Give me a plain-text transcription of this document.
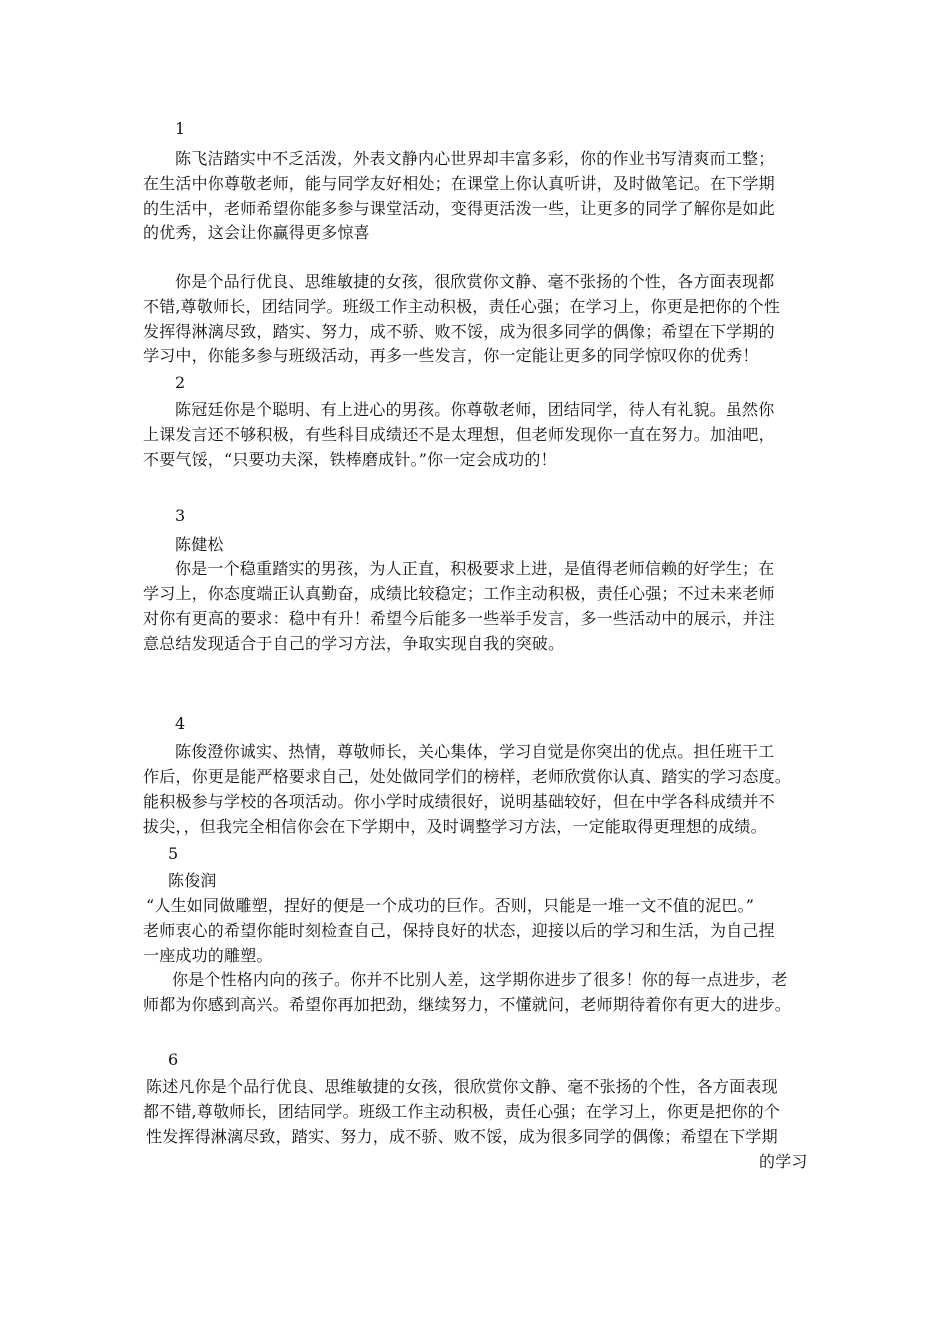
1
陈飞洁踏实中不乏活泼，外表文静内心世界却丰富多彩，你的作业书写清爽而工整；
在生活中你尊敬老师，能与同学友好相处；在课堂上你认真听讲，及时做笔记。在下学期
的生活中，老师希望你能多参与课堂活动，变得更活泼一些，让更多的同学了解你是如此
的优秀，这会让你赢得更多惊喜
你是个品行优良、思维敏捷的女孩，很欣赏你文静、毫不张扬的个性，各方面表现都
不错,尊敬师长，团结同学。班级工作主动积极，责任心强；在学习上，你更是把你的个性
发挥得淋漓尽致，踏实、努力，成不骄、败不馁，成为很多同学的偶像；希望在下学期的
学习中，你能多参与班级活动，再多一些发言，你一定能让更多的同学惊叹你的优秀！
2
陈冠廷你是个聪明、有上进心的男孩。你尊敬老师，团结同学，待人有礼貌。虽然你
上课发言还不够积极，有些科目成绩还不是太理想，但老师发现你一直在努力。加油吧，
不要气馁，“只要功夫深，铁棒磨成针。”你一定会成功的！
3
陈健松
你是一个稳重踏实的男孩，为人正直，积极要求上进，是值得老师信赖的好学生；在
学习上，你态度端正认真勤奋，成绩比较稳定；工作主动积极，责任心强；不过未来老师
对你有更高的要求：稳中有升！希望今后能多一些举手发言，多一些活动中的展示，并注
意总结发现适合于自己的学习方法，争取实现自我的突破。
4
陈俊澄你诚实、热情，尊敬师长，关心集体，学习自觉是你突出的优点。担任班干工
作后，你更是能严格要求自己，处处做同学们的榜样，老师欣赏你认真、踏实的学习态度。
能积极参与学校的各项活动。你小学时成绩很好，说明基础较好，但在中学各科成绩并不
拔尖，，但我完全相信你会在下学期中，及时调整学习方法，一定能取得更理想的成绩。
5
陈俊润
“人生如同做雕塑，捏好的便是一个成功的巨作。否则，只能是一堆一文不值的泥巴。”
老师衷心的希望你能时刻检查自己，保持良好的状态，迎接以后的学习和生活，为自己捏
一座成功的雕塑。
你是个性格内向的孩子。你并不比别人差，这学期你进步了很多！你的每一点进步，老
师都为你感到高兴。希望你再加把劲，继续努力，不懂就问，老师期待着你有更大的进步。
6
陈述凡你是个品行优良、思维敏捷的女孩，很欣赏你文静、毫不张扬的个性，各方面表现
都不错,尊敬师长，团结同学。班级工作主动积极，责任心强；在学习上，你更是把你的个
性发挥得淋漓尽致，踏实、努力，成不骄、败不馁，成为很多同学的偶像；希望在下学期
的学习
